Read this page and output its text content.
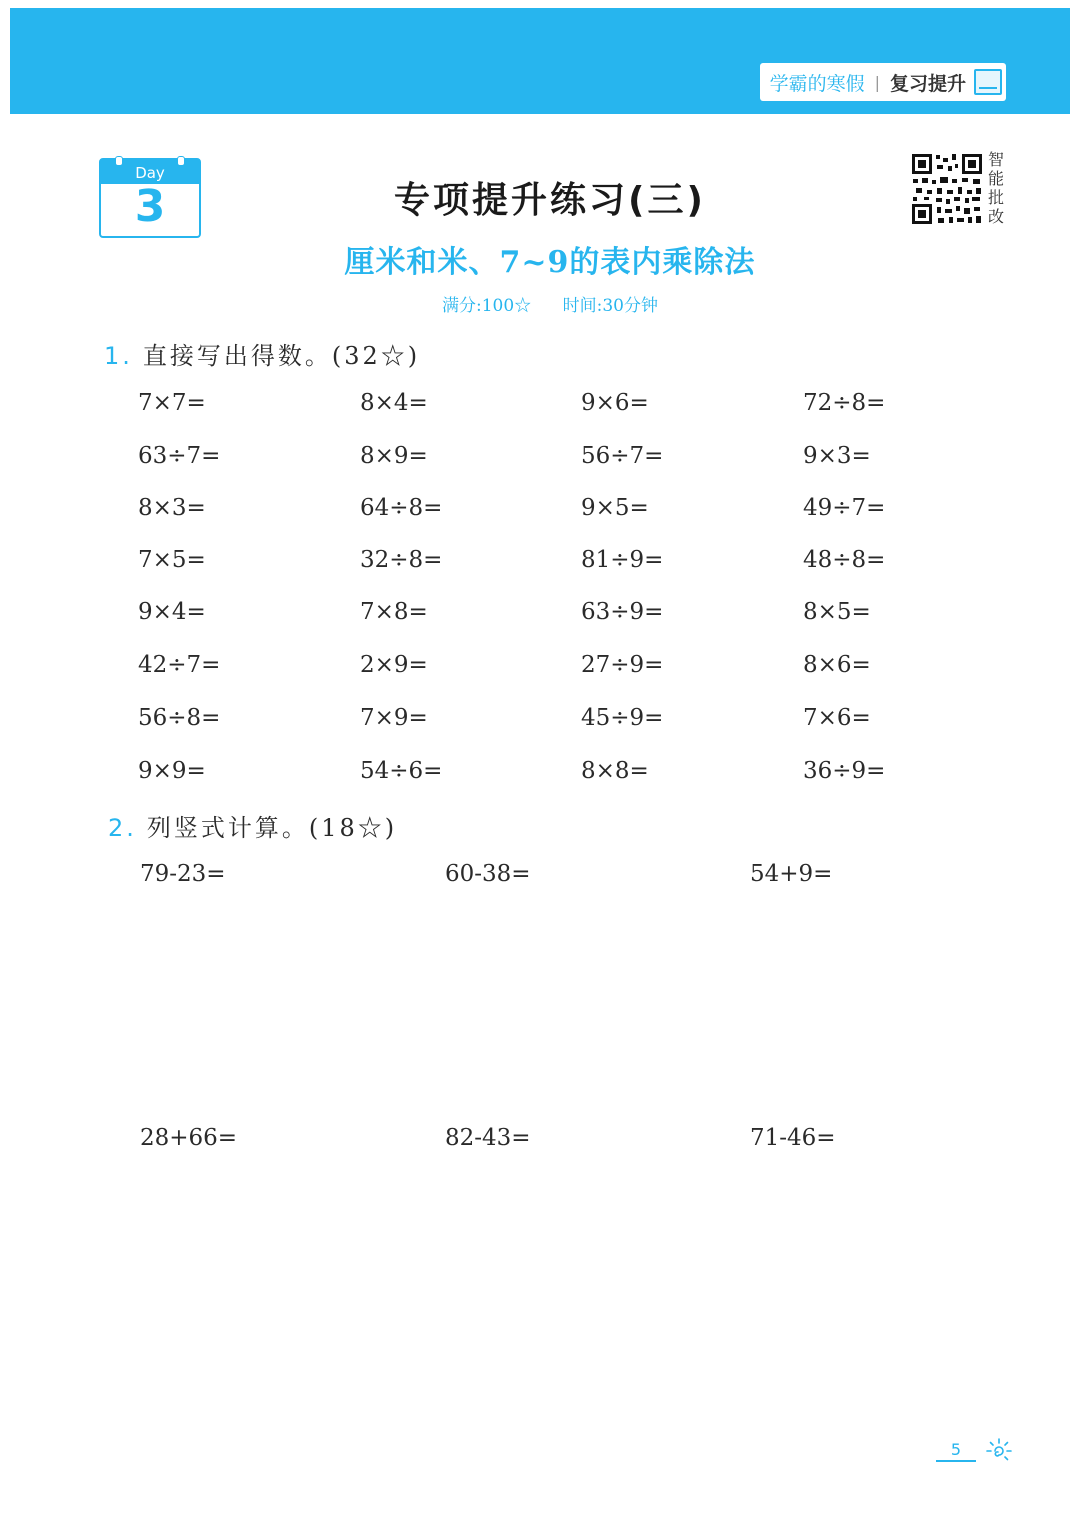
学霸的寒假 | 复习提升
Day
3
智能批改
专项提升练习(三)
厘米和米、7~9的表内乘除法
满分:100☆ 时间:30分钟
1. 直接写出得数。(32☆)
7×7=	8×4=	9×6=	72÷8=
63÷7=	8×9=	56÷7=	9×3=
8×3=	64÷8=	9×5=	49÷7=
7×5=	32÷8=	81÷9=	48÷8=
9×4=	7×8=	63÷9=	8×5=
42÷7=	2×9=	27÷9=	8×6=
56÷8=	7×9=	45÷9=	7×6=
9×9=	54÷6=	8×8=	36÷9=
2. 列竖式计算。(18☆)
79-23=	60-38=	54+9=
28+66=	82-43=	71-46=
5
